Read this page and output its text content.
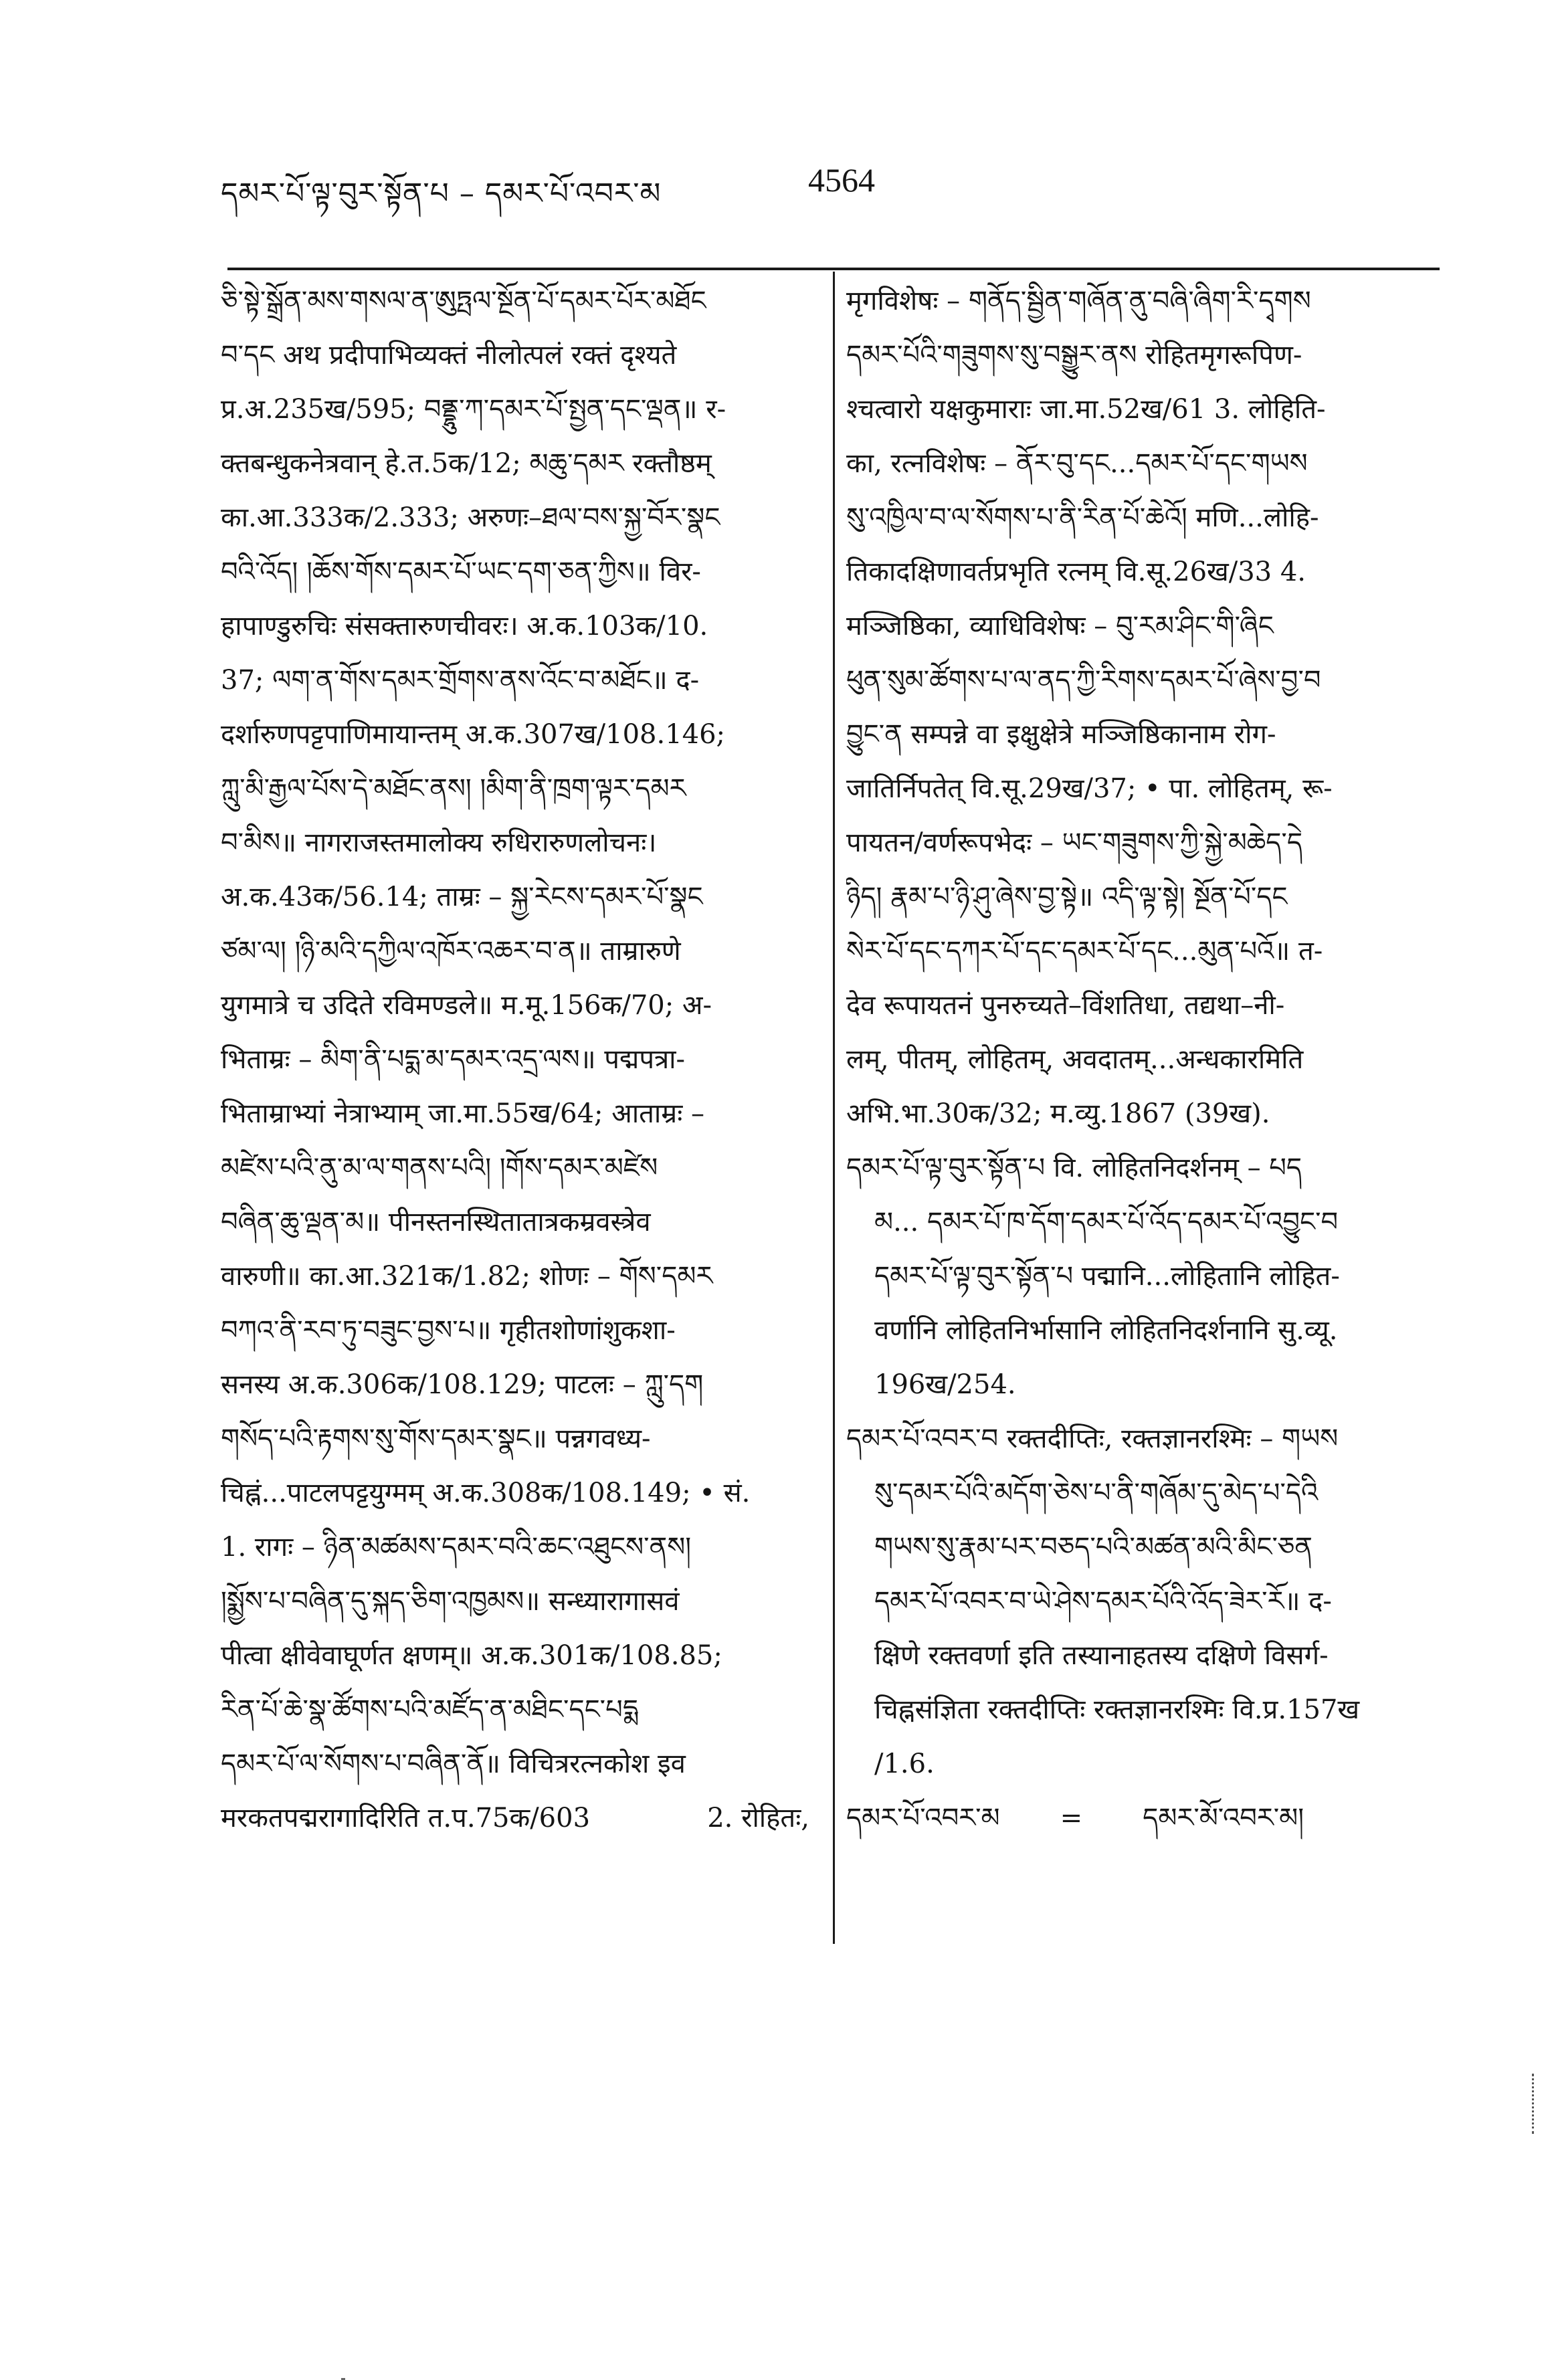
དམར་པོ་ལྟ་བུར་སྟོན་པ – དམར་པོ་འབར་མ	4564
ཅི་སྟེ་སྒྲོན་མས་གསལ་ན་ཨུཏྤལ་སྔོན་པོ་དམར་པོར་མཐོང
བ་དང अथ प्रदीपाभिव्यक्तं नीलोत्पलं रक्तं दृश्यते
प्र.अ.235ख/595; བནྡྷུ་ཀ་དམར་པོ་སྤྱན་དང་ལྡན॥ र-
क्तबन्धुकनेत्रवान् हे.त.5क/12; མཆུ་དམར रक्तौष्ठम्
का.आ.333क/2.333; अरुणः–ཐལ་བས་སྐྱ་བོར་སྣང
བའི་འོད། །ཆོས་གོས་དམར་པོ་ཡང་དག་ཅན་ཀྱིས॥ विर-
हापाण्डुरुचिः संसक्तारुणचीवरः। अ.क.103क/10.
37; ལག་ན་གོས་དམར་གྲོགས་ནས་འོང་བ་མཐོང॥ द-
दर्शारुणपट्टपाणिमायान्तम् अ.क.307ख/108.146;
ཀླུ་མི་རྒྱལ་པོས་དེ་མཐོང་ནས། །མིག་ནི་ཁྲག་ལྟར་དམར
བ་མིས॥ नागराजस्तमालोक्य रुधिरारुणलोचनः।
अ.क.43क/56.14; ताम्रः – སྐྱ་རེངས་དམར་པོ་སྣང
ཙམ་ལ། །ཉི་མའི་དཀྱིལ་འཁོར་འཆར་བ་ན॥ ताम्रारुणे
युगमात्रे च उदिते रविमण्डले॥ म.मू.156क/70; अ-
भिताम्रः – མིག་ནི་པདྨ་མ་དམར་འདྲ་ལས॥ पद्मपत्रा-
भिताम्राभ्यां नेत्राभ्याम् जा.मा.55ख/64; आताम्रः –
མཛེས་པའི་ནུ་མ་ལ་གནས་པའི། །གོས་དམར་མཛེས
བཞིན་ཆུ་ལྡན་མ॥ पीनस्तनस्थितातात्रकम्रवस्त्रेव
वारुणी॥ का.आ.321क/1.82; शोणः – གོས་དམར
བཀའ་ནི་རབ་ཏུ་བཟུང་བྱས་པ॥ गृहीतशोणांशुकशा-
सनस्य अ.क.306क/108.129; पाटलः – ཀླུ་དག
གསོད་པའི་རྟགས་སུ་གོས་དམར་སྣང॥ पन्नगवध्य-
चिह्नं...पाटलपट्टयुग्मम् अ.क.308क/108.149; • सं.
1. रागः – ཉིན་མཚམས་དམར་བའི་ཆང་འཐུངས་ནས།
།སྨྱོས་པ་བཞིན་དུ་སྐད་ཅིག་འཁྱམས॥ सन्ध्यारागासवं
पीत्वा क्षीवेवाघूर्णत क्षणम्॥ अ.क.301क/108.85;
རིན་པོ་ཆེ་སྣ་ཚོགས་པའི་མཛོད་ན་མཐིང་དང་པདྨ
དམར་པོ་ལ་སོགས་པ་བཞིན་ནོ॥ विचित्ररत्नकोश इव
मरकतपद्मरागादिरिति त.प.75क/603	2. रोहितः,
मृगविशेषः – གནོད་སྦྱིན་གཞོན་ནུ་བཞི་ཞིག་རི་དྭགས
དམར་པོའི་གཟུགས་སུ་བསྒྱུར་ནས रोहितमृगरूपिण-
श्चत्वारो यक्षकुमाराः जा.मा.52ख/61 3. लोहिति-
का, रत्नविशेषः – ནོར་བུ་དང...དམར་པོ་དང་གཡས
སུ་འཁྱིལ་བ་ལ་སོགས་པ་ནི་རིན་པོ་ཆེའོ། मणि...लोहि-
तिकादक्षिणावर्तप्रभृति रत्नम् वि.सू.26ख/33 4.
मञ्जिष्ठिका, व्याधिविशेषः – བུ་རམ་ཤིང་གི་ཞིང
ཕུན་སུམ་ཚོགས་པ་ལ་ནད་ཀྱི་རིགས་དམར་པོ་ཞེས་བྱ་བ
བྱུང་ན सम्पन्ने वा इक्षुक्षेत्रे मञ्जिष्ठिकानाम रोग-
जातिर्निपतेत् वि.सू.29ख/37; • पा. लोहितम्, रू-
पायतन/वर्णरूपभेदः – ཡང་གཟུགས་ཀྱི་སྐྱེ་མཆེད་དེ
ཉིད། རྣམ་པ་ཉི་ཤུ་ཞེས་བྱ་སྟེ॥ འདི་ལྟ་སྟེ། སྔོན་པོ་དང
སེར་པོ་དང་དཀར་པོ་དང་དམར་པོ་དང...མུན་པའོ॥ त-
देव रूपायतनं पुनरुच्यते–विंशतिधा, तद्यथा–नी-
लम्, पीतम्, लोहितम्, अवदातम्...अन्धकारमिति
अभि.भा.30क/32; म.व्यु.1867 (39ख).
དམར་པོ་ལྟ་བུར་སྟོན་པ वि. लोहितनिदर्शनम् – པད
མ... དམར་པོ་ཁ་དོག་དམར་པོ་འོད་དམར་པོ་འབྱུང་བ
དམར་པོ་ལྟ་བུར་སྟོན་པ पद्मानि...लोहितानि लोहित-
वर्णानि लोहितनिर्भासानि लोहितनिदर्शनानि सु.व्यू.
196ख/254.
དམར་པོ་འབར་བ रक्तदीप्तिः, रक्तज्ञानरश्मिः – གཡས
སུ་དམར་པོའི་མདོག་ཅེས་པ་ནི་གཞོམ་དུ་མེད་པ་དེའི
གཡས་སུ་རྣམ་པར་བཅད་པའི་མཚན་མའི་མིང་ཅན
དམར་པོ་འབར་བ་ཡེ་ཤེས་དམར་པོའི་འོད་ཟེར་རོ॥ द-
क्षिणे रक्तवर्णा इति तस्यानाहतस्य दक्षिणे विसर्ग-
चिह्नसंज्ञिता रक्तदीप्तिः रक्तज्ञानरश्मिः वि.प्र.157ख
/1.6.
དམར་པོ་འབར་མ = དམར་མོ་འབར་མ།
